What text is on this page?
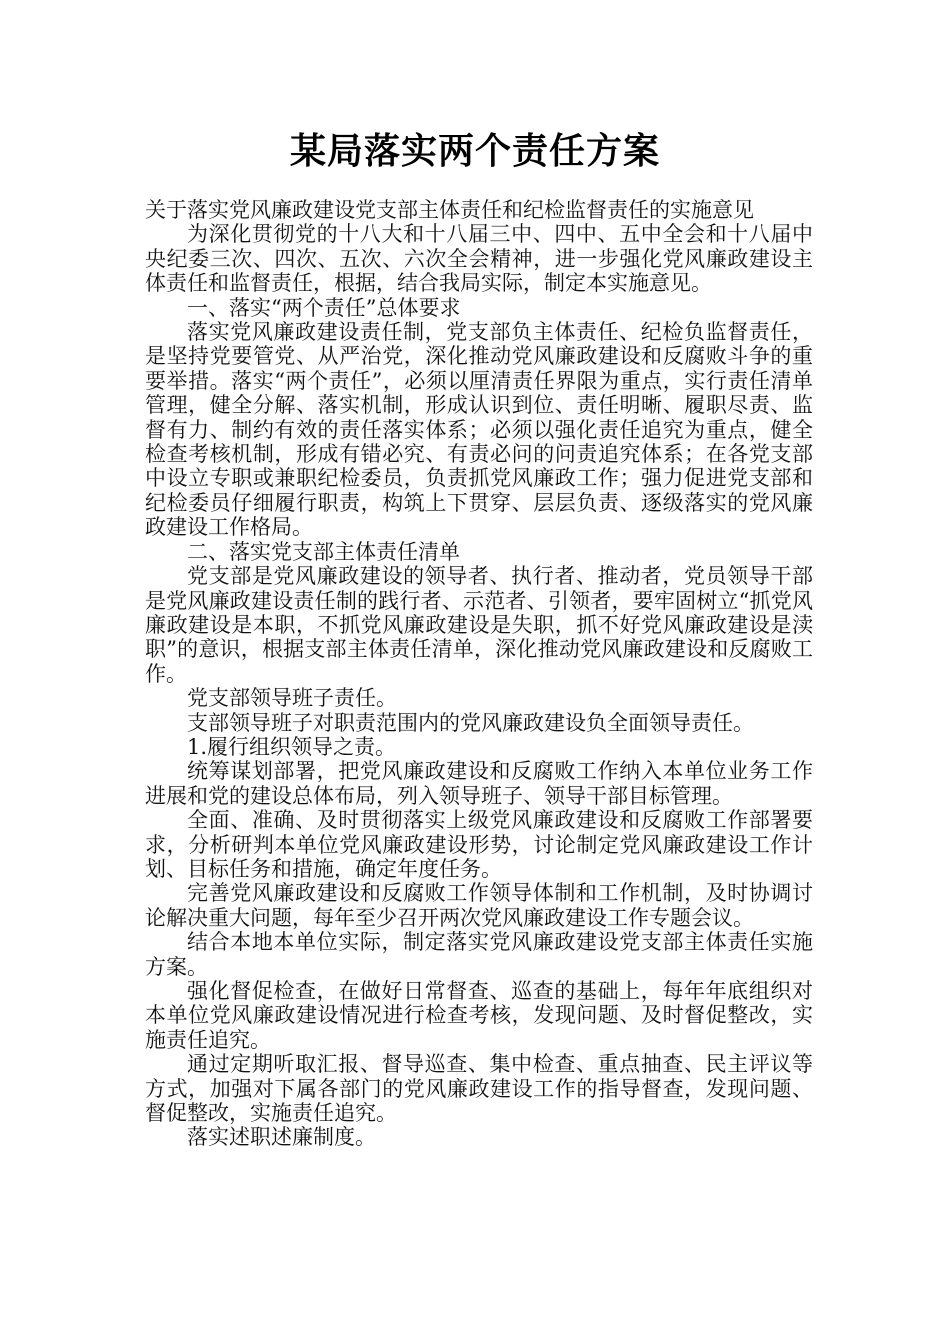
某局落实两个责任方案

关于落实党风廉政建设党支部主体责任和纪检监督责任的实施意见

为深化贯彻党的十八大和十八届三中、四中、五中全会和十八届中央纪委三次、四次、五次、六次全会精神，进一步强化党风廉政建设主体责任和监督责任，根据，结合我局实际，制定本实施意见。

一、落实“两个责任”总体要求

落实党风廉政建设责任制，党支部负主体责任、纪检负监督责任，是坚持党要管党、从严治党，深化推动党风廉政建设和反腐败斗争的重要举措。落实“两个责任”，必须以厘清责任界限为重点，实行责任清单管理，健全分解、落实机制，形成认识到位、责任明晰、履职尽责、监督有力、制约有效的责任落实体系；必须以强化责任追究为重点，健全检查考核机制，形成有错必究、有责必问的问责追究体系；在各党支部中设立专职或兼职纪检委员，负责抓党风廉政工作；强力促进党支部和纪检委员仔细履行职责，构筑上下贯穿、层层负责、逐级落实的党风廉政建设工作格局。

二、落实党支部主体责任清单

党支部是党风廉政建设的领导者、执行者、推动者，党员领导干部是党风廉政建设责任制的践行者、示范者、引领者，要牢固树立“抓党风廉政建设是本职，不抓党风廉政建设是失职，抓不好党风廉政建设是渎职”的意识，根据支部主体责任清单，深化推动党风廉政建设和反腐败工作。

党支部领导班子责任。

支部领导班子对职责范围内的党风廉政建设负全面领导责任。

1.履行组织领导之责。

统筹谋划部署，把党风廉政建设和反腐败工作纳入本单位业务工作进展和党的建设总体布局，列入领导班子、领导干部目标管理。

全面、准确、及时贯彻落实上级党风廉政建设和反腐败工作部署要求，分析研判本单位党风廉政建设形势，讨论制定党风廉政建设工作计划、目标任务和措施，确定年度任务。

完善党风廉政建设和反腐败工作领导体制和工作机制，及时协调讨论解决重大问题，每年至少召开两次党风廉政建设工作专题会议。

结合本地本单位实际，制定落实党风廉政建设党支部主体责任实施方案。

强化督促检查，在做好日常督查、巡查的基础上，每年年底组织对本单位党风廉政建设情况进行检查考核，发现问题、及时督促整改，实施责任追究。

通过定期听取汇报、督导巡查、集中检查、重点抽查、民主评议等方式，加强对下属各部门的党风廉政建设工作的指导督查，发现问题、督促整改，实施责任追究。

落实述职述廉制度。
